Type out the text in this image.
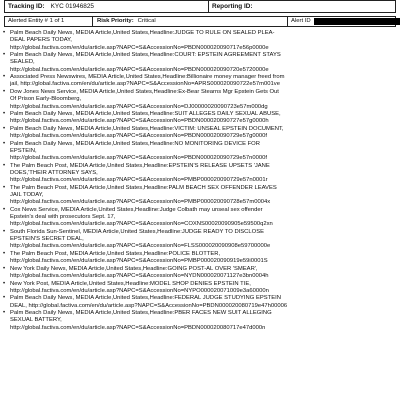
Tracking ID: KYC 01946825	Reporting ID:
Alerted Entity # 1 of 1	Risk Priority: Critical	Alert ID
• Palm Beach Daily News, MEDIA Article,United States,Headline:JUDGE TO RULE ON SEALED PLEA-
DEAL PAPERS TODAY,
http://global.factiva.com/en/du/article.asp?NAPC=S&AccessionNo=PBDN000020090717e56p0000e
• Palm Beach Daily News, MEDIA Article,United States,Headline:COURT: EPSTEIN AGREEMENT STAYS
SEALED,
http://global.factiva.com/en/du/article.asp?NAPC=S&AccessionNo=PBDN000020090720e5720000e
• Associated Press Newswires, MEDIA Article,United States,Headline:Billionaire money manager freed from
jail, http://global.factiva.com/en/du/article.asp?NAPC=S&AccessionNo=APRS000020090722e57m001ve
• Dow Jones News Service, MEDIA Article,United States,Headline:Ex-Bear Stearns Mgr Epstein Gets Out
Of Prison Early-Bloomberg,
http://global.factiva.com/en/du/article.asp?NAPC=S&AccessionNo=DJ00000020090723e57m000dg
• Palm Beach Daily News, MEDIA Article,United States,Headline:SUIT ALLEGES DAILY SEXUAL ABUSE,
http://global.factiva.com/en/du/article.asp?NAPC=S&AccessionNo=PBDN000020090727e57g0000h
• Palm Beach Daily News, MEDIA Article,United States,Headline:VICTIM: UNSEAL EPSTEIN DOCUMENT,
http://global.factiva.com/en/du/article.asp?NAPC=S&AccessionNo=PBDN000020090729e57g0000f
• Palm Beach Daily News, MEDIA Article,United States,Headline:NO MONITORING DEVICE FOR
EPSTEIN,
http://global.factiva.com/en/du/article.asp?NAPC=S&AccessionNo=PBDN000020090729e57n0000f
• The Palm Beach Post, MEDIA Article,United States,Headline:EPSTEIN'S RELEASE UPSETS 'JANE
DOES,'THEIR ATTORNEY SAYS,
http://global.factiva.com/en/du/article.asp?NAPC=S&AccessionNo=PMBP000020090729e57n0001r
• The Palm Beach Post, MEDIA Article,United States,Headline:PALM BEACH SEX OFFENDER LEAVES
JAIL TODAY,
http://global.factiva.com/en/du/article.asp?NAPC=S&AccessionNo=PMBP000020090728e57m0004x
• Cox News Service, MEDIA Article,United States,Headline:Judge Colbath may unseal sex offender
Epstein's deal with prosecutors Sept. 17,
http://global.factiva.com/en/du/article.asp?NAPC=S&AccessionNo=COXNS00020090905e59500q2xn
• South Florida Sun-Sentinel, MEDIA Article,United States,Headline:JUDGE READY TO DISCLOSE
EPSTEIN'S SECRET DEAL,
http://global.factiva.com/en/du/article.asp?NAPC=S&AccessionNo=FLSS000020090908e59700000e
• The Palm Beach Post, MEDIA Article,United States,Headline:POLICE BLOTTER,
http://global.factiva.com/en/du/article.asp?NAPC=S&AccessionNo=PMBP000020090919e59i0001S
• New York Daily News, MEDIA Article,United States,Headline:GOING POST-AL OVER 'SMEAR',
http://global.factiva.com/en/du/article.asp?NAPC=S&AccessionNo=NYDN000020071127e3bn0004h
• New York Post, MEDIA Article,United States,Headline:MODEL SHOP DENIES EPSTEIN TIE,
http://global.factiva.com/en/du/article.asp?NAPC=S&AccessionNo=NYPO000020071009e3a60000n
• Palm Beach Daily News, MEDIA Article,United States,Headline:FEDERAL JUDGE STUDYING EPSTEIN
DEAL, http://global.factiva.com/en/du/article.asp?NAPC=S&AccessionNo=PBDN000020080719e47h00006
• Palm Beach Daily News, MEDIA Article,United States,Headline:PBER FACES NEW SUIT ALLEGING
SEXUAL BATTERY,
http://global.factiva.com/en/du/article.asp?NAPC=S&AccessionNo=PBDN000020080717e47d000n
